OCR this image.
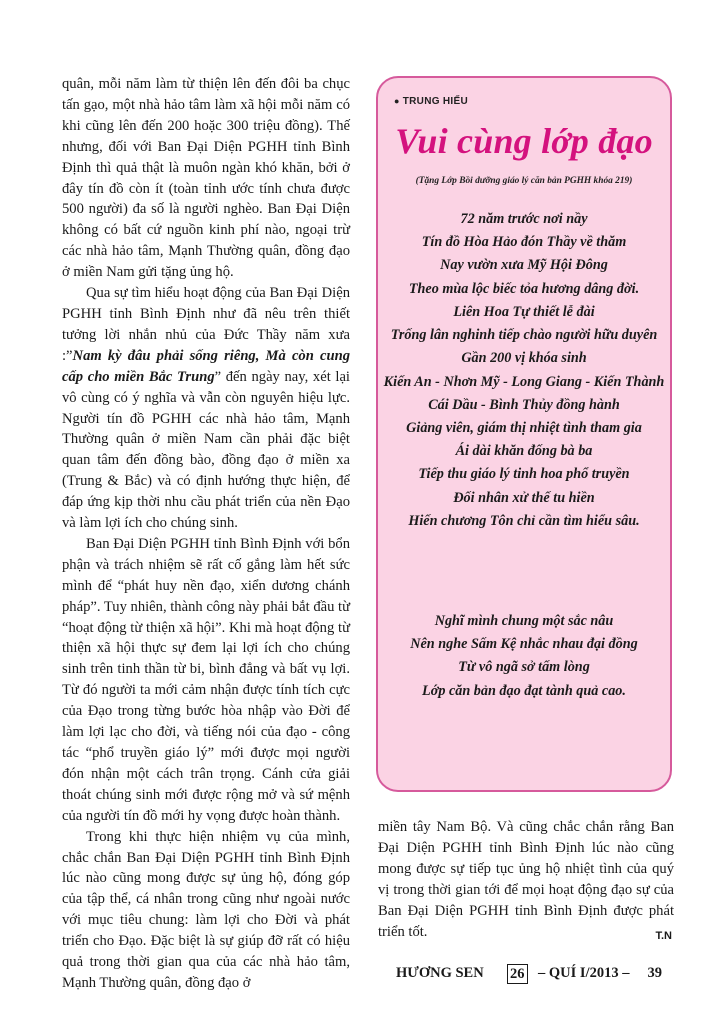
quân, mỗi năm làm từ thiện lên đến đôi ba chục tấn gạo, một nhà hảo tâm làm xã hội mỗi năm có khi cũng lên đến 200 hoặc 300 triệu đồng). Thế nhưng, đối với Ban Đại Diện PGHH tỉnh Bình Định thì quả thật là muôn ngàn khó khăn, bởi ở đây tín đồ còn ít (toàn tỉnh ước tính chưa được 500 người) đa số là người nghèo. Ban Đại Diện không có bất cứ nguồn kinh phí nào, ngoại trừ các nhà hảo tâm, Mạnh Thường quân, đồng đạo ở miền Nam gửi tặng ủng hộ.

Qua sự tìm hiểu hoạt động của Ban Đại Diện PGHH tỉnh Bình Định như đã nêu trên thiết tưởng lời nhắn nhủ của Đức Thầy năm xưa :”Nam kỳ đâu phải sống riêng, Mà còn cung cấp cho miền Bắc Trung” đến ngày nay, xét lại vô cùng có ý nghĩa và vẫn còn nguyên hiệu lực. Người tín đồ PGHH các nhà hảo tâm, Mạnh Thường quân ở miền Nam cần phải đặc biệt quan tâm đến đồng bào, đồng đạo ở miền xa (Trung & Bắc) và có định hướng thực hiện, để đáp ứng kịp thời nhu cầu phát triển của nền Đạo và làm lợi ích cho chúng sinh.

Ban Đại Diện PGHH tỉnh Bình Định với bổn phận và trách nhiệm sẽ rất cố gắng làm hết sức mình để “phát huy nền đạo, xiển dương chánh pháp”. Tuy nhiên, thành công này phải bắt đầu từ “hoạt động từ thiện xã hội”. Khi mà hoạt động từ thiện xã hội thực sự đem lại lợi ích cho chúng sinh trên tinh thần từ bi, bình đẳng và bất vụ lợi. Từ đó người ta mới cảm nhận được tính tích cực của Đạo trong từng bước hòa nhập vào Đời để làm lợi lạc cho đời, và tiếng nói của đạo - công tác “phổ truyền giáo lý” mới được mọi người đón nhận một cách trân trọng. Cánh cửa giải thoát chúng sinh mới được rộng mở và sứ mệnh của người tín đồ mới hy vọng được hoàn thành.

Trong khi thực hiện nhiệm vụ của mình, chắc chắn Ban Đại Diện PGHH tỉnh Bình Định lúc nào cũng mong được sự ủng hộ, đóng góp của tập thể, cá nhân trong cũng như ngoài nước với mục tiêu chung: làm lợi cho Đời và phát triển cho Đạo. Đặc biệt là sự giúp đỡ rất có hiệu quả trong thời gian qua của các nhà hảo tâm, Mạnh Thường quân, đồng đạo ở

● TRUNG HIẾU
Vui cùng lớp đạo
(Tặng Lớp Bồi dưỡng giáo lý căn bản PGHH khóa 219)
72 năm trước nơi nầy
Tín đồ Hòa Hảo đón Thầy về thăm
Nay vườn xưa Mỹ Hội Đông
Theo mùa lộc biếc tỏa hương dâng đời.
Liên Hoa Tự thiết lễ đài
Trống lân nghinh tiếp chào người hữu duyên
Gần 200 vị khóa sinh
Kiến An - Nhơn Mỹ - Long Giang - Kiến Thành
Cái Dầu - Bình Thủy đồng hành
Giảng viên, giám thị nhiệt tình tham gia
Ái dài khăn đống bà ba
Tiếp thu giáo lý tinh hoa phổ truyền
Đối nhân xử thế tu hiền
Hiến chương Tôn chỉ cần tìm hiểu sâu.
Nghĩ mình chung một sắc nâu
Nên nghe Sấm Kệ nhắc nhau đại đồng
Từ vô ngã sở tấm lòng
Lớp căn bản đạo đạt tành quả cao.

miền tây Nam Bộ. Và cũng chắc chắn rằng Ban Đại Diện PGHH tỉnh Bình Định lúc nào cũng mong được sự tiếp tục ủng hộ nhiệt tình của quý vị trong thời gian tới để mọi hoạt động đạo sự của Ban Đại Diện PGHH tỉnh Bình Định được phát triển tốt.	T.N
HƯƠNG SEN 26 – QUÍ I/2013 – 39
